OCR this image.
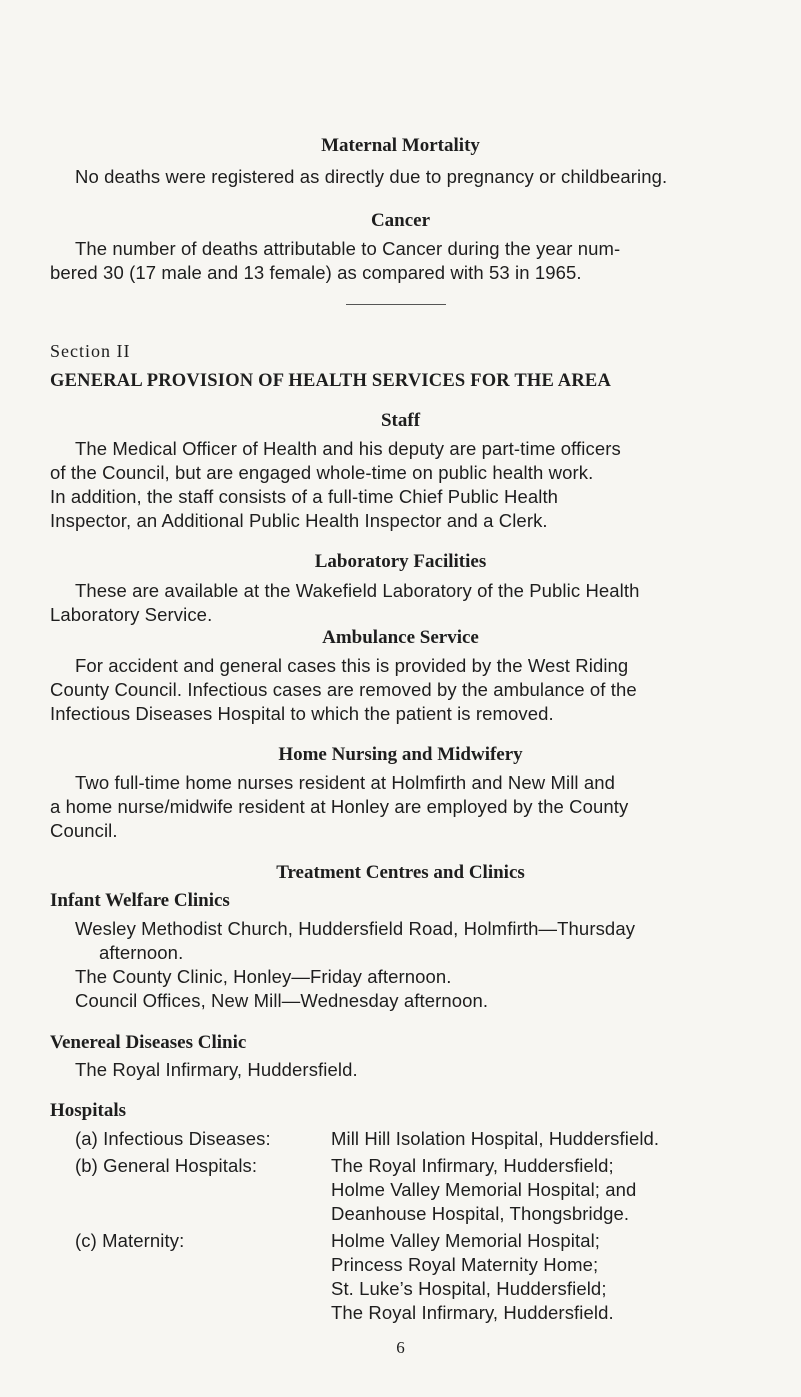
Maternal Mortality
No deaths were registered as directly due to pregnancy or childbearing.
Cancer
The number of deaths attributable to Cancer during the year num-
bered 30 (17 male and 13 female) as compared with 53 in 1965.
Section II
GENERAL PROVISION OF HEALTH SERVICES FOR THE AREA
Staff
The Medical Officer of Health and his deputy are part-time officers
of the Council, but are engaged whole-time on public health work.
In addition, the staff consists of a full-time Chief Public Health
Inspector, an Additional Public Health Inspector and a Clerk.
Laboratory Facilities
These are available at the Wakefield Laboratory of the Public Health
Laboratory Service.
Ambulance Service
For accident and general cases this is provided by the West Riding
County Council. Infectious cases are removed by the ambulance of the
Infectious Diseases Hospital to which the patient is removed.
Home Nursing and Midwifery
Two full-time home nurses resident at Holmfirth and New Mill and
a home nurse/midwife resident at Honley are employed by the County
Council.
Treatment Centres and Clinics
Infant Welfare Clinics
Wesley Methodist Church, Huddersfield Road, Holmfirth—Thursday
afternoon.
The County Clinic, Honley—Friday afternoon.
Council Offices, New Mill—Wednesday afternoon.
Venereal Diseases Clinic
The Royal Infirmary, Huddersfield.
Hospitals
(a) Infectious Diseases:	Mill Hill Isolation Hospital, Huddersfield.
(b) General Hospitals:	The Royal Infirmary, Huddersfield;
Holme Valley Memorial Hospital; and
Deanhouse Hospital, Thongsbridge.
(c) Maternity:	Holme Valley Memorial Hospital;
Princess Royal Maternity Home;
St. Luke’s Hospital, Huddersfield;
The Royal Infirmary, Huddersfield.
6
